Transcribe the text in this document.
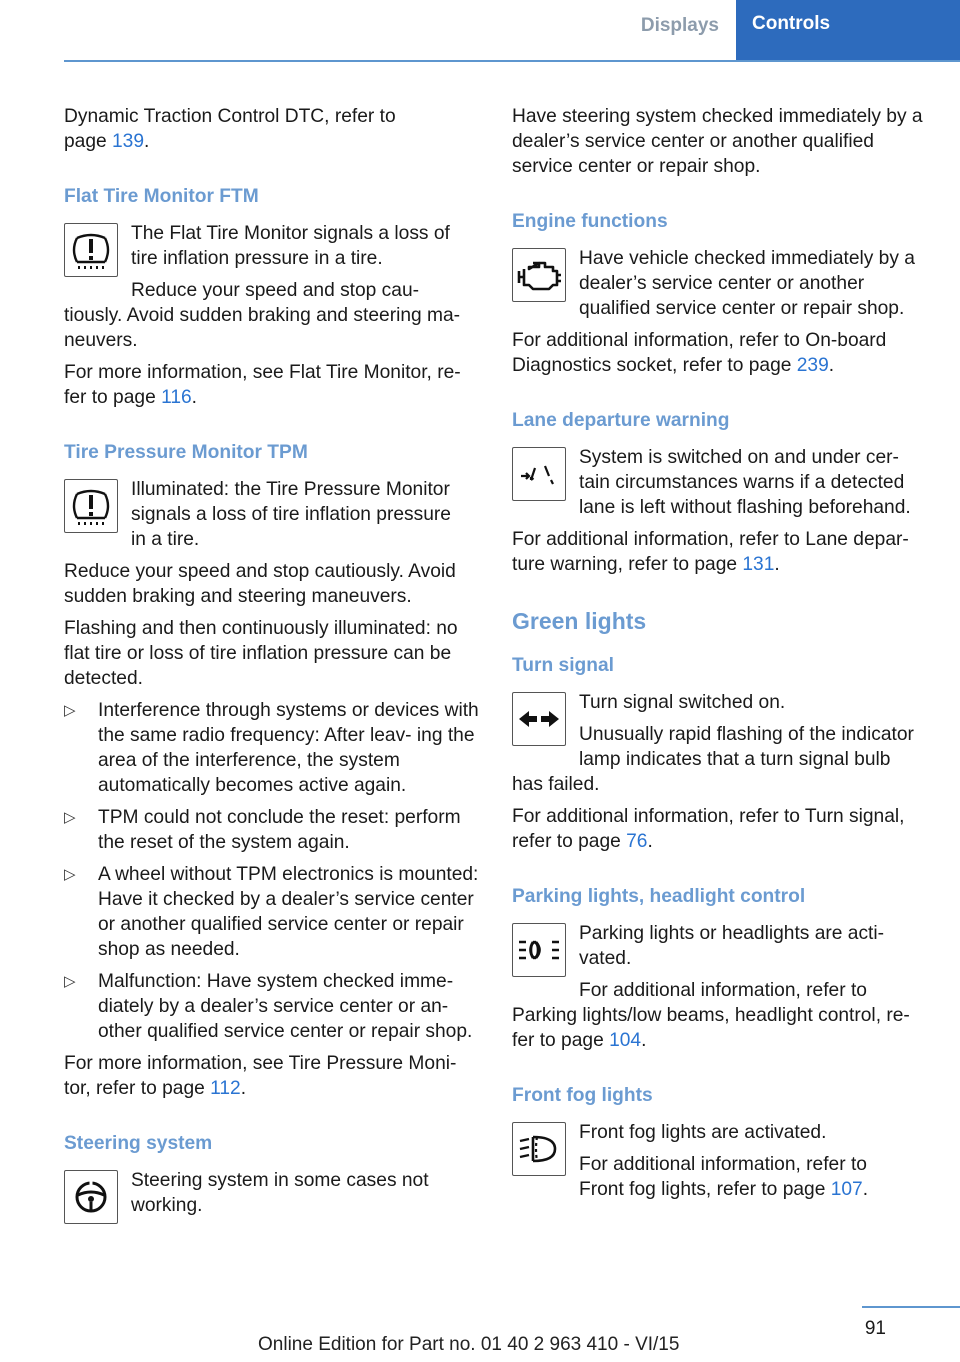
Displays	Controls

Dynamic Traction Control DTC, refer to
page 139.

Flat Tire Monitor FTM

The Flat Tire Monitor signals a loss of

tire inflation pressure in a tire.

Reduce your speed and stop cau‐

tiously. Avoid sudden braking and steering ma‐
neuvers.

For more information, see Flat Tire Monitor, re‐
fer to page 116.

Tire Pressure Monitor TPM

Illuminated: the Tire Pressure Monitor
signals a loss of tire inflation pressure
in a tire.

Reduce your speed and stop cautiously. Avoid sudden braking and steering maneuvers.

Flashing and then continuously illuminated: no flat tire or loss of tire inflation pressure can be detected.

▷ Interference through systems or devices with the same radio frequency: After leav‐ ing the area of the interference, the system automatically becomes active again.
▷ TPM could not conclude the reset: perform the reset of the system again.
▷ A wheel without TPM electronics is mounted: Have it checked by a dealer’s service center or another qualified service center or repair shop as needed.
▷ Malfunction: Have system checked imme‐ diately by a dealer’s service center or an‐ other qualified service center or repair shop.

For more information, see Tire Pressure Moni‐
tor, refer to page 112.

Steering system

Steering system in some cases not
working.

Have steering system checked immediately by a dealer’s service center or another qualified service center or repair shop.

Engine functions

Have vehicle checked immediately by a dealer’s service center or another qualified service center or repair shop.

For additional information, refer to On-board Diagnostics socket, refer to page 239.

Lane departure warning

System is switched on and under cer‐ tain circumstances warns if a detected lane is left without flashing beforehand.

For additional information, refer to Lane depar‐ ture warning, refer to page 131.

Green lights
Turn signal

Turn signal switched on.

Unusually rapid flashing of the indicator
lamp indicates that a turn signal bulb

has failed.

For additional information, refer to Turn signal, refer to page 76.

Parking lights, headlight control

Parking lights or headlights are acti‐
vated.

For additional information, refer to

Parking lights/low beams, headlight control, re‐
fer to page 104.

Front fog lights

Front fog lights are activated.

For additional information, refer to
Front fog lights, refer to page 107.

91
Online Edition for Part no. 01 40 2 963 410 - VI/15
